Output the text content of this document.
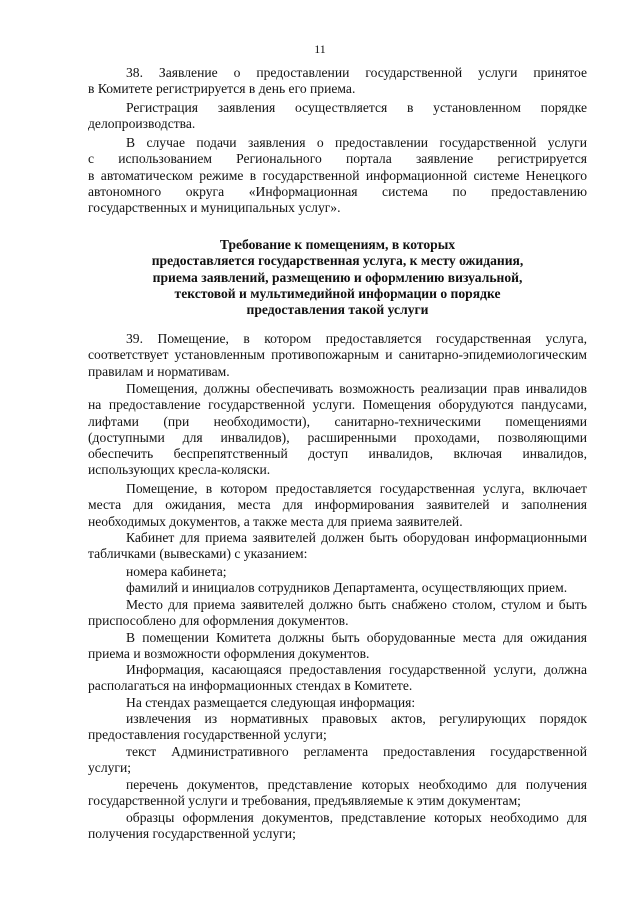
11

38. Заявление о предоставлении государственной услуги принятое

в Комитете регистрируется в день его приема.

Регистрация заявления осуществляется в установленном порядке

делопроизводства.

В случае подачи заявления о предоставлении государственной услуги

с использованием Регионального портала заявление регистрируется

в автоматическом режиме в государственной информационной системе Ненецкого

автономного округа «Информационная система по предоставлению

государственных и муниципальных услуг».

Требование к помещениям, в которых

предоставляется государственная услуга, к месту ожидания,

приема заявлений, размещению и оформлению визуальной,

текстовой и мультимедийной информации о порядке

предоставления такой услуги

39. Помещение, в котором предоставляется государственная услуга,

соответствует установленным противопожарным и санитарно-эпидемиологическим

правилам и нормативам.

Помещения, должны обеспечивать возможность реализации прав инвалидов

на предоставление государственной услуги. Помещения оборудуются пандусами,

лифтами (при необходимости), санитарно-техническими помещениями

(доступными для инвалидов), расширенными проходами, позволяющими

обеспечить беспрепятственный доступ инвалидов, включая инвалидов,

использующих кресла-коляски.

Помещение, в котором предоставляется государственная услуга, включает

места для ожидания, места для информирования заявителей и заполнения

необходимых документов, а также места для приема заявителей.

Кабинет для приема заявителей должен быть оборудован информационными

табличками (вывесками) с указанием:

номера кабинета;

фамилий и инициалов сотрудников Департамента, осуществляющих прием.

Место для приема заявителей должно быть снабжено столом, стулом и быть

приспособлено для оформления документов.

В помещении Комитета должны быть оборудованные места для ожидания

приема и возможности оформления документов.

Информация, касающаяся предоставления государственной услуги, должна

располагаться на информационных стендах в Комитете.

На стендах размещается следующая информация:

извлечения из нормативных правовых актов, регулирующих порядок

предоставления государственной услуги;

текст Административного регламента предоставления государственной

услуги;

перечень документов, представление которых необходимо для получения

государственной услуги и требования, предъявляемые к этим документам;

образцы оформления документов, представление которых необходимо для

получения государственной услуги;
